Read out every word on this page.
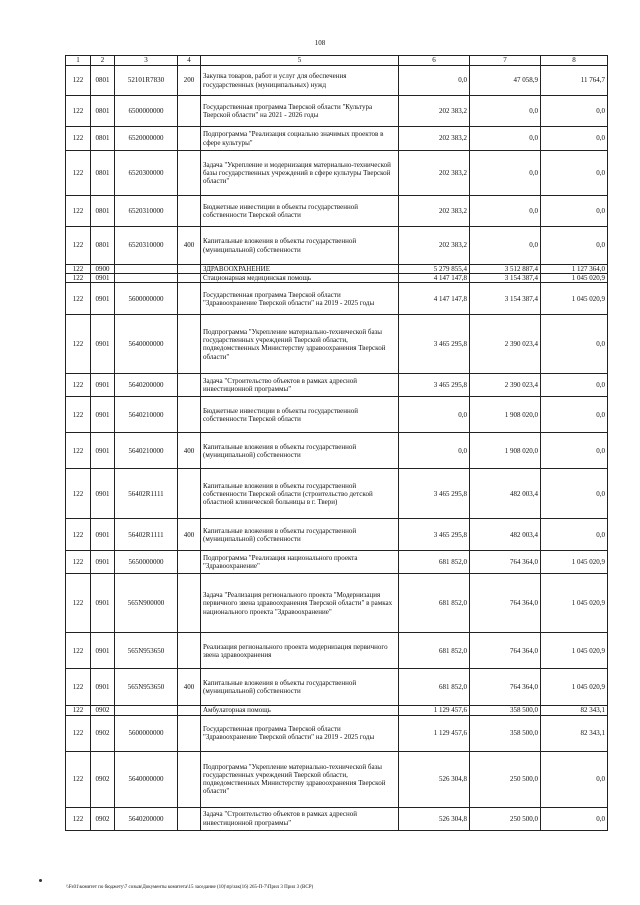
108
1	2	3	4	5	6	7	8
122	0801	52101R7830	200	Закупка товаров, работ и услуг для обеспечения государственных (муниципальных) нужд	0,0	47 058,9	11 764,7
122	0801	6500000000		Государственная программа Тверской области "Культура Тверской области" на 2021 - 2026 годы	202 383,2	0,0	0,0
122	0801	6520000000		Подпрограмма "Реализация социально значимых проектов в сфере культуры"	202 383,2	0,0	0,0
122	0801	6520300000		Задача "Укрепление и модернизация материально-технической базы государственных учреждений в сфере культуры Тверской области"	202 383,2	0,0	0,0
122	0801	6520310000		Бюджетные инвестиции в объекты государственной собственности Тверской области	202 383,2	0,0	0,0
122	0801	6520310000	400	Капитальные вложения в объекты государственной (муниципальной) собственности	202 383,2	0,0	0,0
122	0900			ЗДРАВООХРАНЕНИЕ	5 279 855,4	3 512 887,4	1 127 364,0
122	0901			Стационарная медицинская помощь	4 147 147,8	3 154 387,4	1 045 020,9
122	0901	5600000000		Государственная программа Тверской области "Здравоохранение Тверской области" на 2019 - 2025 годы	4 147 147,8	3 154 387,4	1 045 020,9
122	0901	5640000000		Подпрограмма "Укрепление материально-технической базы государственных учреждений Тверской области, подведомственных Министерству здравоохранения Тверской области"	3 465 295,8	2 390 023,4	0,0
122	0901	5640200000		Задача "Строительство объектов в рамках адресной инвестиционной программы"	3 465 295,8	2 390 023,4	0,0
122	0901	5640210000		Бюджетные инвестиции в объекты государственной собственности Тверской области	0,0	1 908 020,0	0,0
122	0901	5640210000	400	Капитальные вложения в объекты государственной (муниципальной) собственности	0,0	1 908 020,0	0,0
122	0901	56402R1111		Капитальные вложения в объекты государственной собственности Тверской области (строительство детской областной клинической больницы в г. Твери)	3 465 295,8	482 003,4	0,0
122	0901	56402R1111	400	Капитальные вложения в объекты государственной (муниципальной) собственности	3 465 295,8	482 003,4	0,0
122	0901	5650000000		Подпрограмма "Реализация национального проекта "Здравоохранение"	681 852,0	764 364,0	1 045 020,9
122	0901	565N900000		Задача "Реализация регионального проекта "Модернизация первичного звена здравоохранения Тверской области" в рамках национального проекта "Здравоохранение"	681 852,0	764 364,0	1 045 020,9
122	0901	565N953650		Реализация регионального проекта модернизация первичного звена здравоохранения	681 852,0	764 364,0	1 045 020,9
122	0901	565N953650	400	Капитальные вложения в объекты государственной (муниципальной) собственности	681 852,0	764 364,0	1 045 020,9
122	0902			Амбулаторная помощь	1 129 457,6	358 500,0	82 343,1
122	0902	5600000000		Государственная программа Тверской области "Здравоохранение Тверской области" на 2019 - 2025 годы	1 129 457,6	358 500,0	82 343,1
122	0902	5640000000		Подпрограмма "Укрепление материально-технической базы государственных учреждений Тверской области, подведомственных Министерству здравоохранения Тверской области"	526 304,8	250 500,0	0,0
122	0902	5640200000		Задача "Строительство объектов в рамках адресной инвестиционной программы"	526 304,8	250 500,0	0,0
\\Fs01\комитет по бюджету\7 созыв\Документы комитета\15 заседание (10)\пр\зак(16) 265-П-7\Прил 3 Прил 3 (ВСР)
